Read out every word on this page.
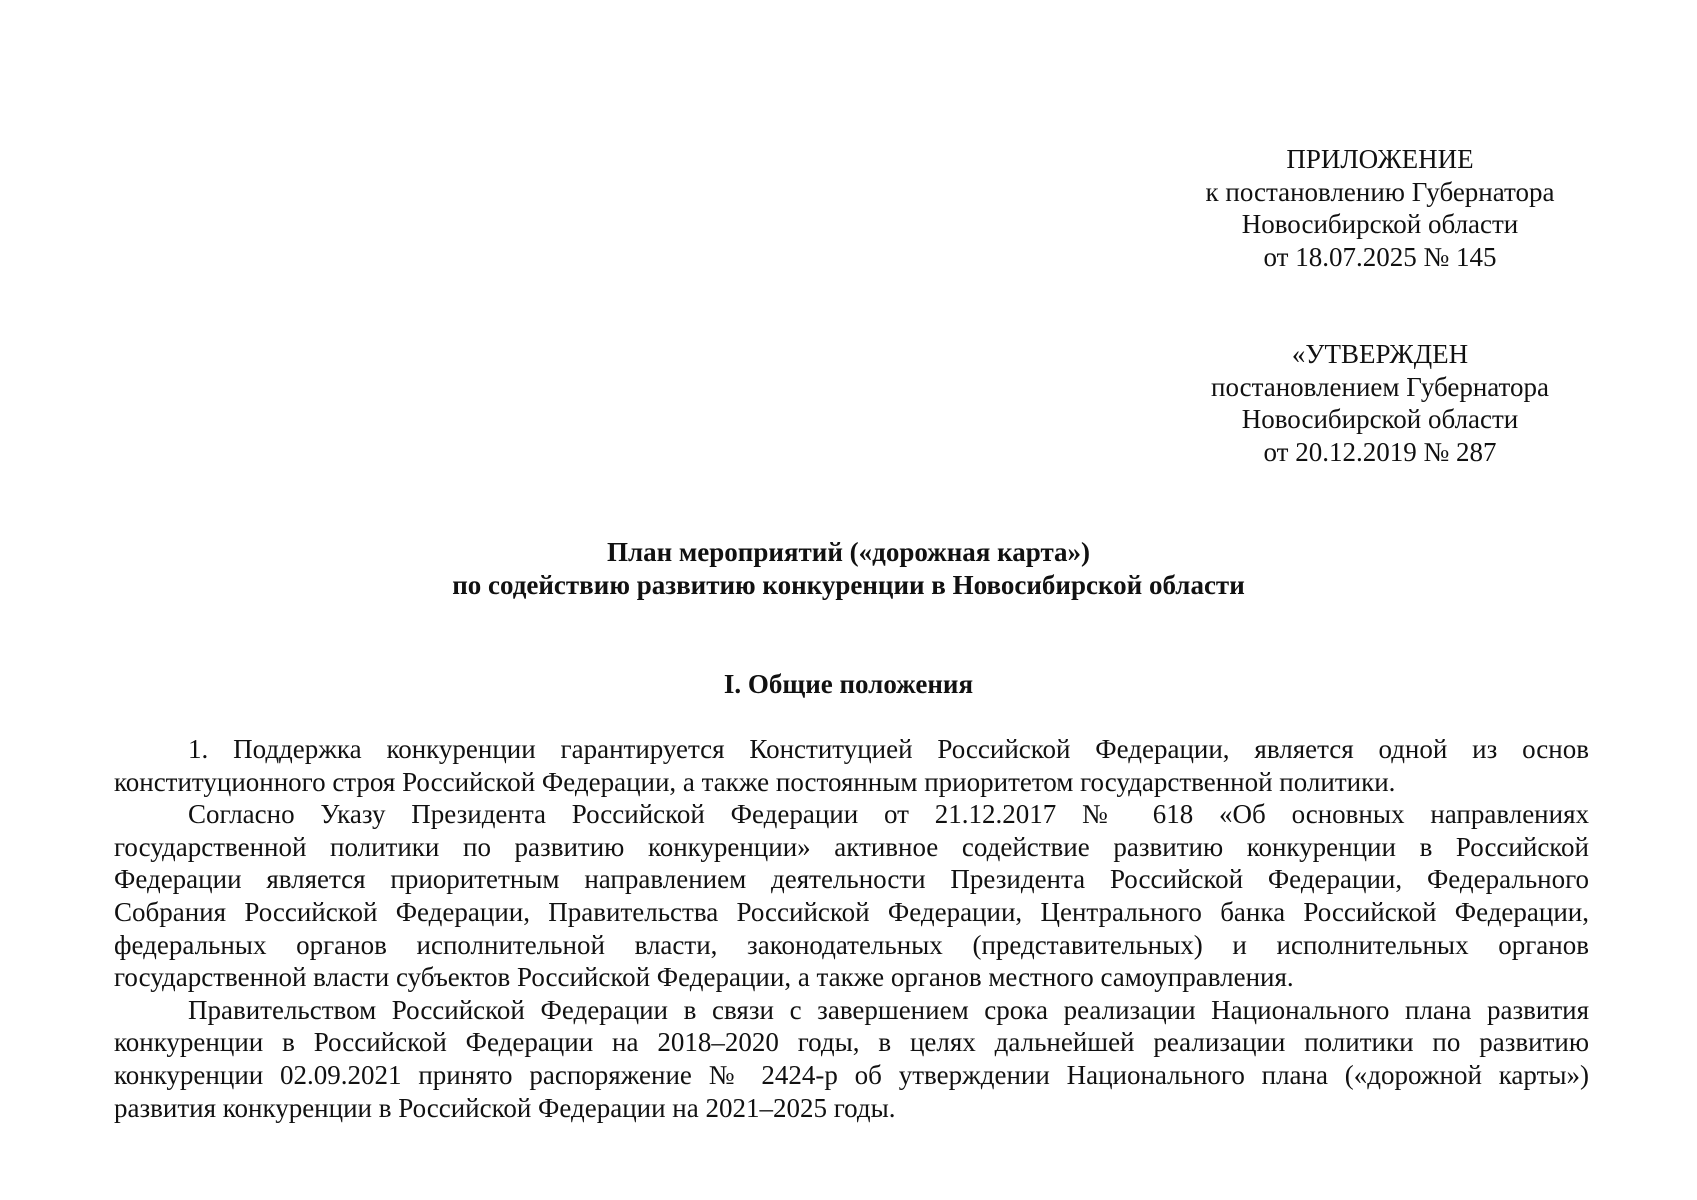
ПРИЛОЖЕНИЕ
к постановлению Губернатора
Новосибирской области
от 18.07.2025 № 145
«УТВЕРЖДЕН
постановлением Губернатора
Новосибирской области
от 20.12.2019 № 287
План мероприятий («дорожная карта»)
по содействию развитию конкуренции в Новосибирской области
I. Общие положения
1. Поддержка конкуренции гарантируется Конституцией Российской Федерации, является одной из основ
конституционного строя Российской Федерации, а также постоянным приоритетом государственной политики.
Согласно Указу Президента Российской Федерации от 21.12.2017 № 618 «Об основных направлениях
государственной политики по развитию конкуренции» активное содействие развитию конкуренции в Российской
Федерации является приоритетным направлением деятельности Президента Российской Федерации, Федерального
Собрания Российской Федерации, Правительства Российской Федерации, Центрального банка Российской Федерации,
федеральных органов исполнительной власти, законодательных (представительных) и исполнительных органов
государственной власти субъектов Российской Федерации, а также органов местного самоуправления.
Правительством Российской Федерации в связи с завершением срока реализации Национального плана развития
конкуренции в Российской Федерации на 2018–2020 годы, в целях дальнейшей реализации политики по развитию
конкуренции 02.09.2021 принято распоряжение № 2424-р об утверждении Национального плана («дорожной карты»)
развития конкуренции в Российской Федерации на 2021–2025 годы.
